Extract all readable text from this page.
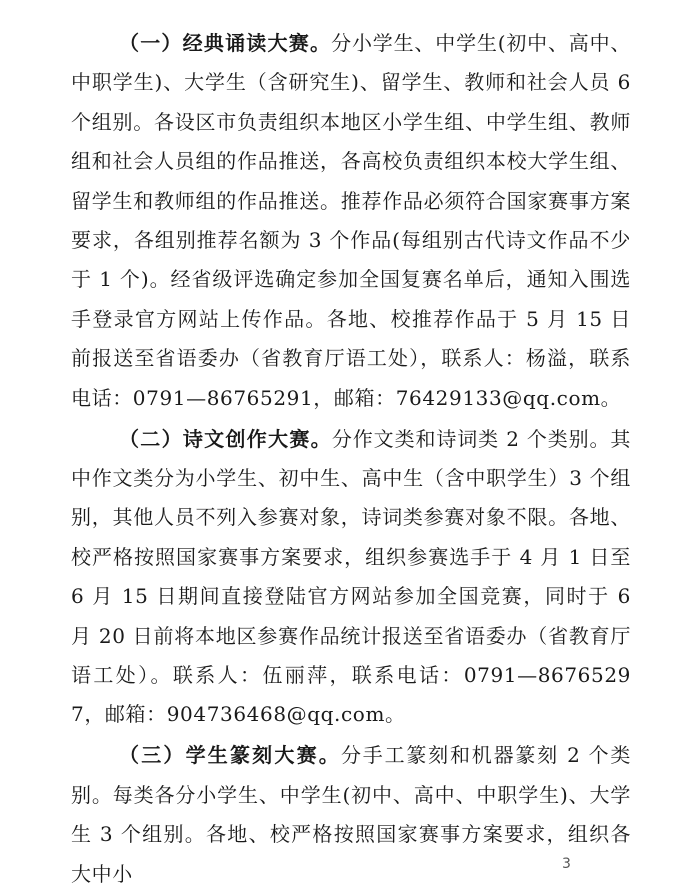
（一）经典诵读大赛。分小学生、中学生(初中、高中、中职学生)、大学生（含研究生)、留学生、教师和社会人员 6 个组别。各设区市负责组织本地区小学生组、中学生组、教师组和社会人员组的作品推送，各高校负责组织本校大学生组、留学生和教师组的作品推送。推荐作品必须符合国家赛事方案要求，各组别推荐名额为 3 个作品(每组别古代诗文作品不少于 1 个)。经省级评选确定参加全国复赛名单后，通知入围选手登录官方网站上传作品。各地、校推荐作品于 5 月 15 日前报送至省语委办（省教育厅语工处），联系人：杨溢，联系电话：0791—86765291，邮箱：76429133@qq.com。

（二）诗文创作大赛。分作文类和诗词类 2 个类别。其中作文类分为小学生、初中生、高中生（含中职学生）3 个组别，其他人员不列入参赛对象，诗词类参赛对象不限。各地、校严格按照国家赛事方案要求，组织参赛选手于 4 月 1 日至 6 月 15 日期间直接登陆官方网站参加全国竞赛，同时于 6 月 20 日前将本地区参赛作品统计报送至省语委办（省教育厅语工处）。联系人：伍丽萍，联系电话：0791—86765297，邮箱：904736468@qq.com。

（三）学生篆刻大赛。分手工篆刻和机器篆刻 2 个类别。每类各分小学生、中学生(初中、高中、中职学生)、大学生 3 个组别。各地、校严格按照国家赛事方案要求，组织各大中小	3
